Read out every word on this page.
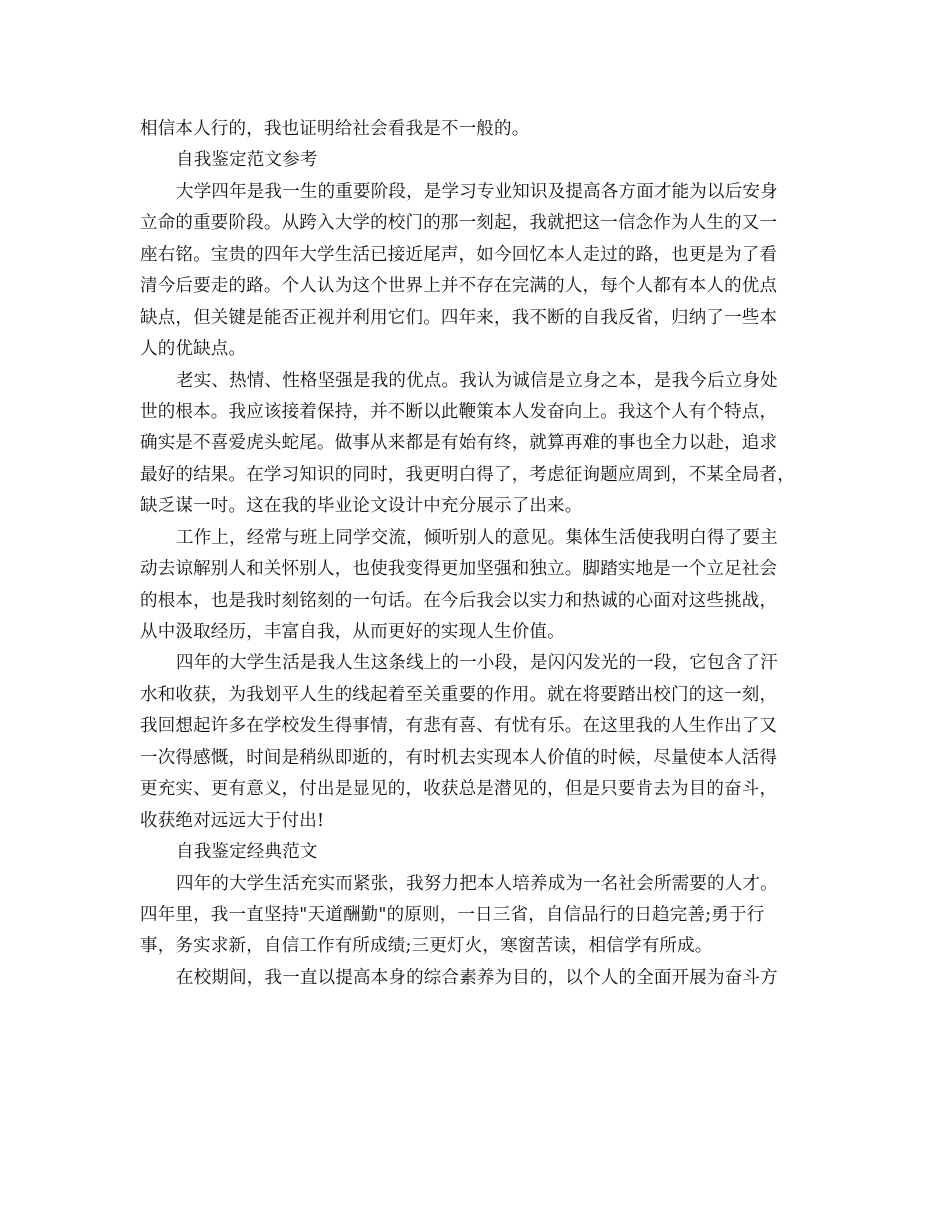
相信本人行的，我也证明给社会看我是不一般的。
自我鉴定范文参考
大学四年是我一生的重要阶段，是学习专业知识及提高各方面才能为以后安身
立命的重要阶段。从跨入大学的校门的那一刻起，我就把这一信念作为人生的又一
座右铭。宝贵的四年大学生活已接近尾声，如今回忆本人走过的路，也更是为了看
清今后要走的路。个人认为这个世界上并不存在完满的人，每个人都有本人的优点
缺点，但关键是能否正视并利用它们。四年来，我不断的自我反省，归纳了一些本
人的优缺点。
老实、热情、性格坚强是我的优点。我认为诚信是立身之本，是我今后立身处
世的根本。我应该接着保持，并不断以此鞭策本人发奋向上。我这个人有个特点，
确实是不喜爱虎头蛇尾。做事从来都是有始有终，就算再难的事也全力以赴，追求
最好的结果。在学习知识的同时，我更明白得了，考虑征询题应周到，不某全局者，
缺乏谋一吋。这在我的毕业论文设计中充分展示了出来。
工作上，经常与班上同学交流，倾听别人的意见。集体生活使我明白得了要主
动去谅解别人和关怀别人，也使我变得更加坚强和独立。脚踏实地是一个立足社会
的根本，也是我时刻铭刻的一句话。在今后我会以实力和热诚的心面对这些挑战，
从中汲取经历，丰富自我，从而更好的实现人生价值。
四年的大学生活是我人生这条线上的一小段，是闪闪发光的一段，它包含了汗
水和收获，为我划平人生的线起着至关重要的作用。就在将要踏出校门的这一刻，
我回想起许多在学校发生得事情，有悲有喜、有忧有乐。在这里我的人生作出了又
一次得感慨，时间是稍纵即逝的，有时机去实现本人价值的时候，尽量使本人活得
更充实、更有意义，付出是显见的，收获总是潜见的，但是只要肯去为目的奋斗，
收获绝对远远大于付出!
自我鉴定经典范文
四年的大学生活充实而紧张，我努力把本人培养成为一名社会所需要的人才。
四年里，我一直坚持"天道酬勤"的原则，一日三省，自信品行的日趋完善;勇于行
事，务实求新，自信工作有所成绩;三更灯火，寒窗苦读，相信学有所成。
在校期间，我一直以提高本身的综合素养为目的，以个人的全面开展为奋斗方
